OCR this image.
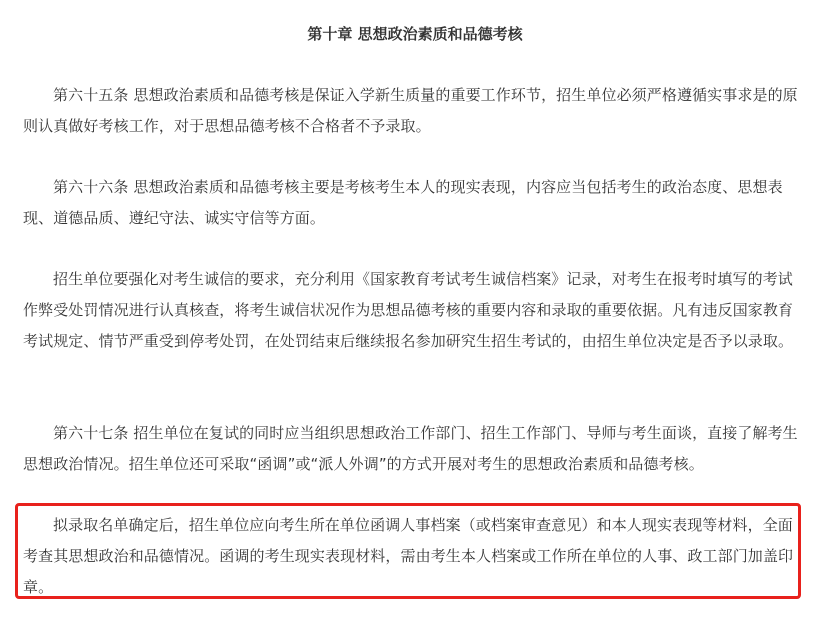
第十章 思想政治素质和品德考核

第六十五条 思想政治素质和品德考核是保证入学新生质量的重要工作环节，招生单位必须严格遵循实事求是的原则认真做好考核工作，对于思想品德考核不合格者不予录取。

第六十六条 思想政治素质和品德考核主要是考核考生本人的现实表现，内容应当包括考生的政治态度、思想表现、道德品质、遵纪守法、诚实守信等方面。

招生单位要强化对考生诚信的要求，充分利用《国家教育考试考生诚信档案》记录，对考生在报考时填写的考试作弊受处罚情况进行认真核查，将考生诚信状况作为思想品德考核的重要内容和录取的重要依据。凡有违反国家教育考试规定、情节严重受到停考处罚，在处罚结束后继续报名参加研究生招生考试的，由招生单位决定是否予以录取。

第六十七条 招生单位在复试的同时应当组织思想政治工作部门、招生工作部门、导师与考生面谈，直接了解考生思想政治情况。招生单位还可采取“函调”或“派人外调”的方式开展对考生的思想政治素质和品德考核。

拟录取名单确定后，招生单位应向考生所在单位函调人事档案（或档案审查意见）和本人现实表现等材料，全面考查其思想政治和品德情况。函调的考生现实表现材料，需由考生本人档案或工作所在单位的人事、政工部门加盖印章。
